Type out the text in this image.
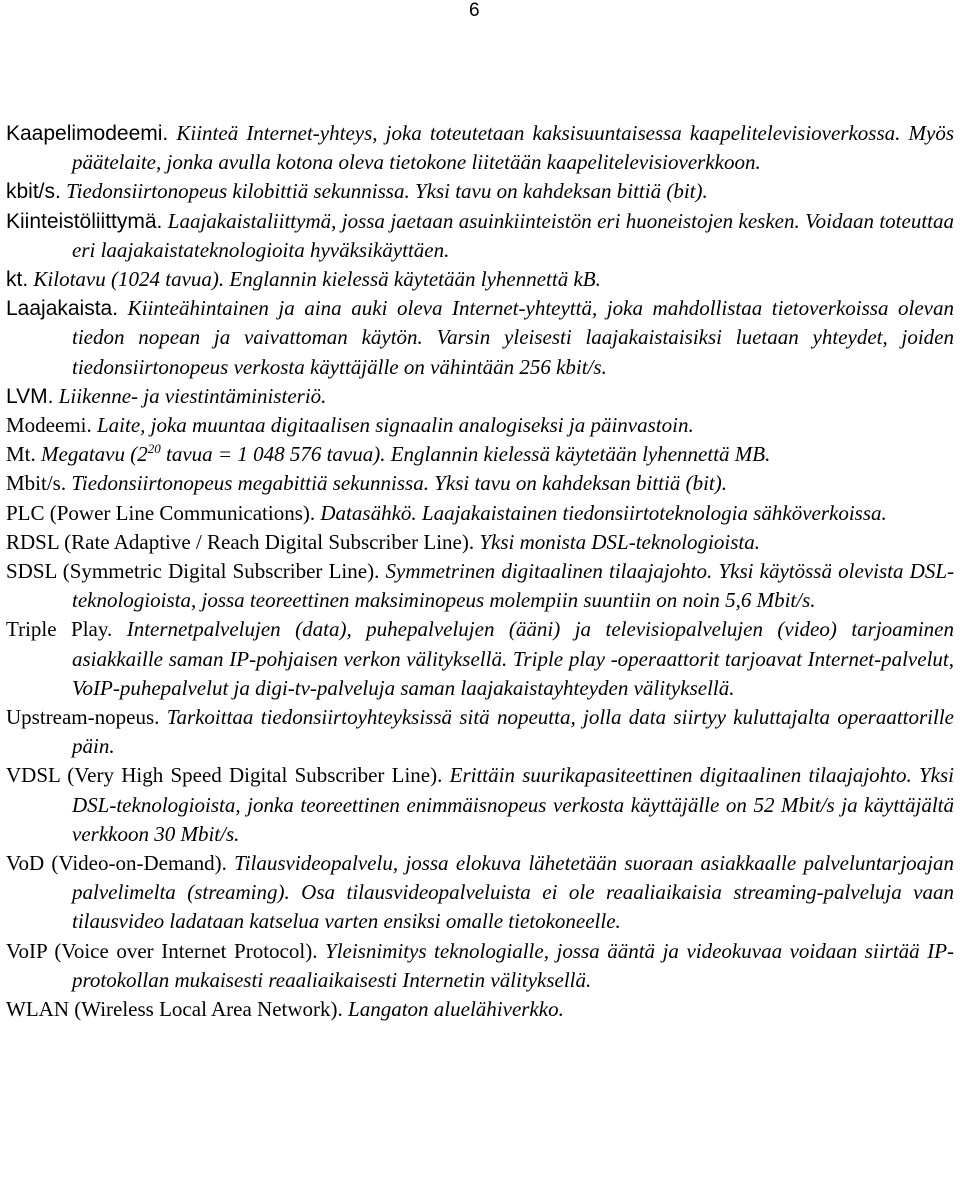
6

Kaapelimodeemi. Kiinteä Internet-yhteys, joka toteutetaan kaksisuuntaisessa kaapelitelevisioverkossa. Myös päätelaite, jonka avulla kotona oleva tietokone liitetään kaapelitelevisioverkkoon.

kbit/s. Tiedonsiirtonopeus kilobittiä sekunnissa. Yksi tavu on kahdeksan bittiä (bit).

Kiinteistöliittymä. Laajakaistaliittymä, jossa jaetaan asuinkiinteistön eri huoneistojen kesken. Voidaan toteuttaa eri laajakaistateknologioita hyväksikäyttäen.

kt. Kilotavu (1024 tavua). Englannin kielessä käytetään lyhennettä kB.

Laajakaista. Kiinteähintainen ja aina auki oleva Internet-yhteyttä, joka mahdollistaa tietoverkoissa olevan tiedon nopean ja vaivattoman käytön. Varsin yleisesti laajakaistaisiksi luetaan yhteydet, joiden tiedonsiirtonopeus verkosta käyttäjälle on vähintään 256 kbit/s.

LVM. Liikenne- ja viestintäministeriö.

Modeemi. Laite, joka muuntaa digitaalisen signaalin analogiseksi ja päinvastoin.

Mt. Megatavu ($2^{20}$ tavua = 1 048 576 tavua). Englannin kielessä käytetään lyhennettä MB.

Mbit/s. Tiedonsiirtonopeus megabittiä sekunnissa. Yksi tavu on kahdeksan bittiä (bit).

PLC (Power Line Communications). Datasähkö. Laajakaistainen tiedonsiirtoteknologia sähköverkoissa.

RDSL (Rate Adaptive / Reach Digital Subscriber Line). Yksi monista DSL-teknologioista.

SDSL (Symmetric Digital Subscriber Line). Symmetrinen digitaalinen tilaajajohto. Yksi käytössä olevista DSL-teknologioista, jossa teoreettinen maksiminopeus molempiin suuntiin on noin 5,6 Mbit/s.

Triple Play. Internetpalvelujen (data), puhepalvelujen (ääni) ja televisiopalvelujen (video) tarjoaminen asiakkaille saman IP-pohjaisen verkon välityksellä. Triple play -operaattorit tarjoavat Internet-palvelut, VoIP-puhepalvelut ja digi-tv-palveluja saman laajakaistayhteyden välityksellä.

Upstream-nopeus. Tarkoittaa tiedonsiirtoyhteyksissä sitä nopeutta, jolla data siirtyy kuluttajalta operaattorille päin.

VDSL (Very High Speed Digital Subscriber Line). Erittäin suurikapasiteettinen digitaalinen tilaajajohto. Yksi DSL-teknologioista, jonka teoreettinen enimmäisnopeus verkosta käyttäjälle on 52 Mbit/s ja käyttäjältä verkkoon 30 Mbit/s.

VoD (Video-on-Demand). Tilausvideopalvelu, jossa elokuva lähetetään suoraan asiakkaalle palveluntarjoajan palvelimelta (streaming). Osa tilausvideopalveluista ei ole reaaliaikaisia streaming-palveluja vaan tilausvideo ladataan katselua varten ensiksi omalle tietokoneelle.

VoIP (Voice over Internet Protocol). Yleisnimitys teknologialle, jossa ääntä ja videokuvaa voidaan siirtää IP-protokollan mukaisesti reaaliaikaisesti Internetin välityksellä.

WLAN (Wireless Local Area Network). Langaton aluelähiverkko.
